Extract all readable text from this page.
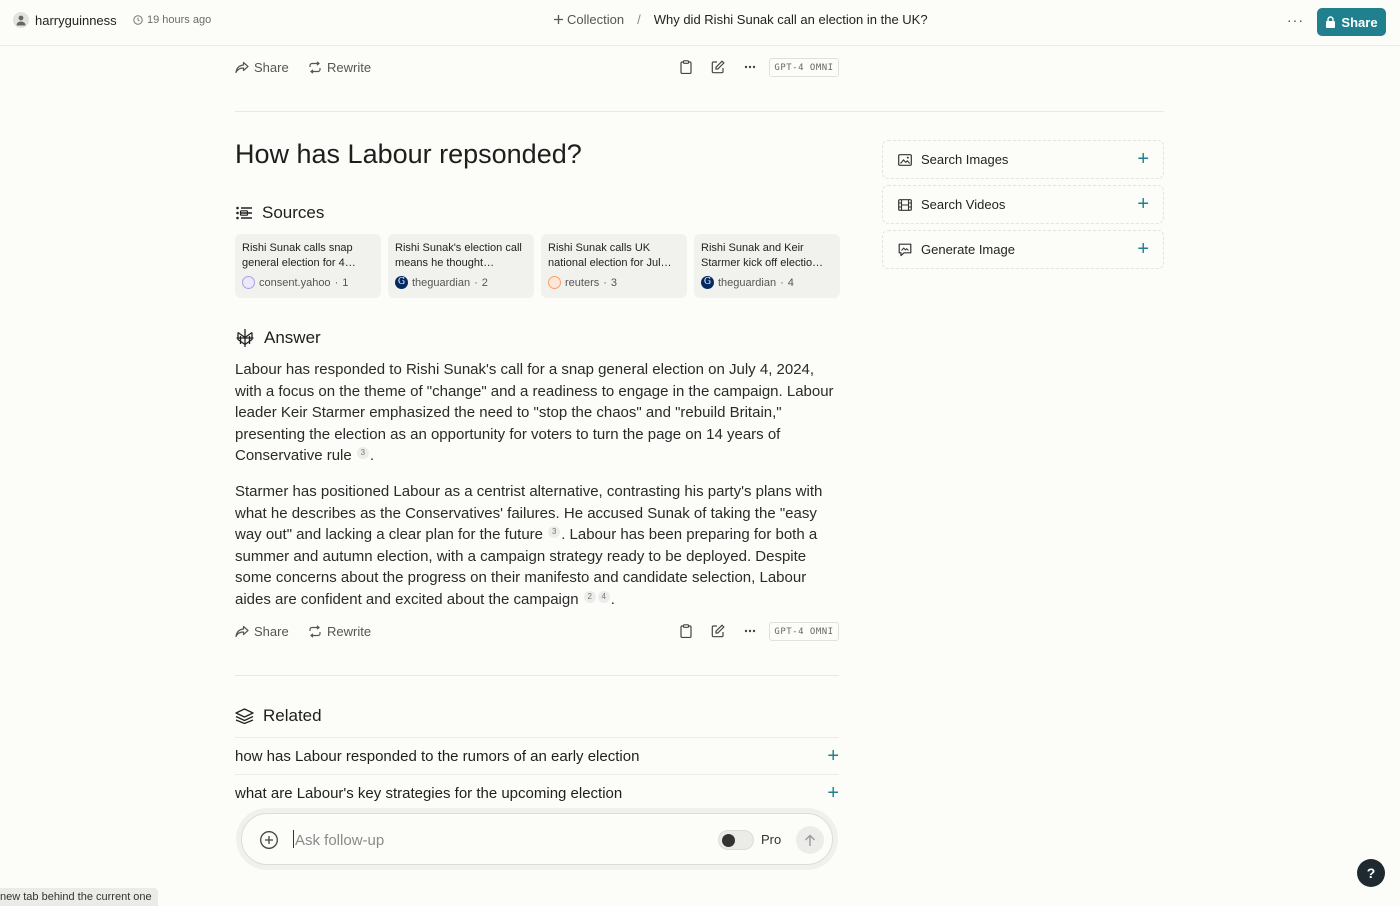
harryguinness	19 hours ago	Collection / Why did Rishi Sunak call an election in the UK?	···	Share
Share	Rewrite	GPT-4 OMNI
How has Labour repsonded?
Sources
Rishi Sunak calls snap general election for 4…
consent.yahoo · 1
Rishi Sunak's election call means he thought…
G theguardian · 2
Rishi Sunak calls UK national election for Jul…
reuters · 3
Rishi Sunak and Keir Starmer kick off electio…
G theguardian · 4
Answer

Labour has responded to Rishi Sunak's call for a snap general election on July 4, 2024, with a focus on the theme of "change" and a readiness to engage in the campaign. Labour leader Keir Starmer emphasized the need to "stop the chaos" and "rebuild Britain," presenting the election as an opportunity for voters to turn the page on 14 years of Conservative rule 3 .

Starmer has positioned Labour as a centrist alternative, contrasting his party's plans with what he describes as the Conservatives' failures. He accused Sunak of taking the "easy way out" and lacking a clear plan for the future 3 . Labour has been preparing for both a summer and autumn election, with a campaign strategy ready to be deployed. Despite some concerns about the progress on their manifesto and candidate selection, Labour aides are confident and excited about the campaign 2 4 .

Share	Rewrite	GPT-4 OMNI
Related
how has Labour responded to the rumors of an early election	+
what are Labour's key strategies for the upcoming election	+
Search Images	+
Search Videos	+
Generate Image	+
Ask follow-up	Pro
new tab behind the current one
?
